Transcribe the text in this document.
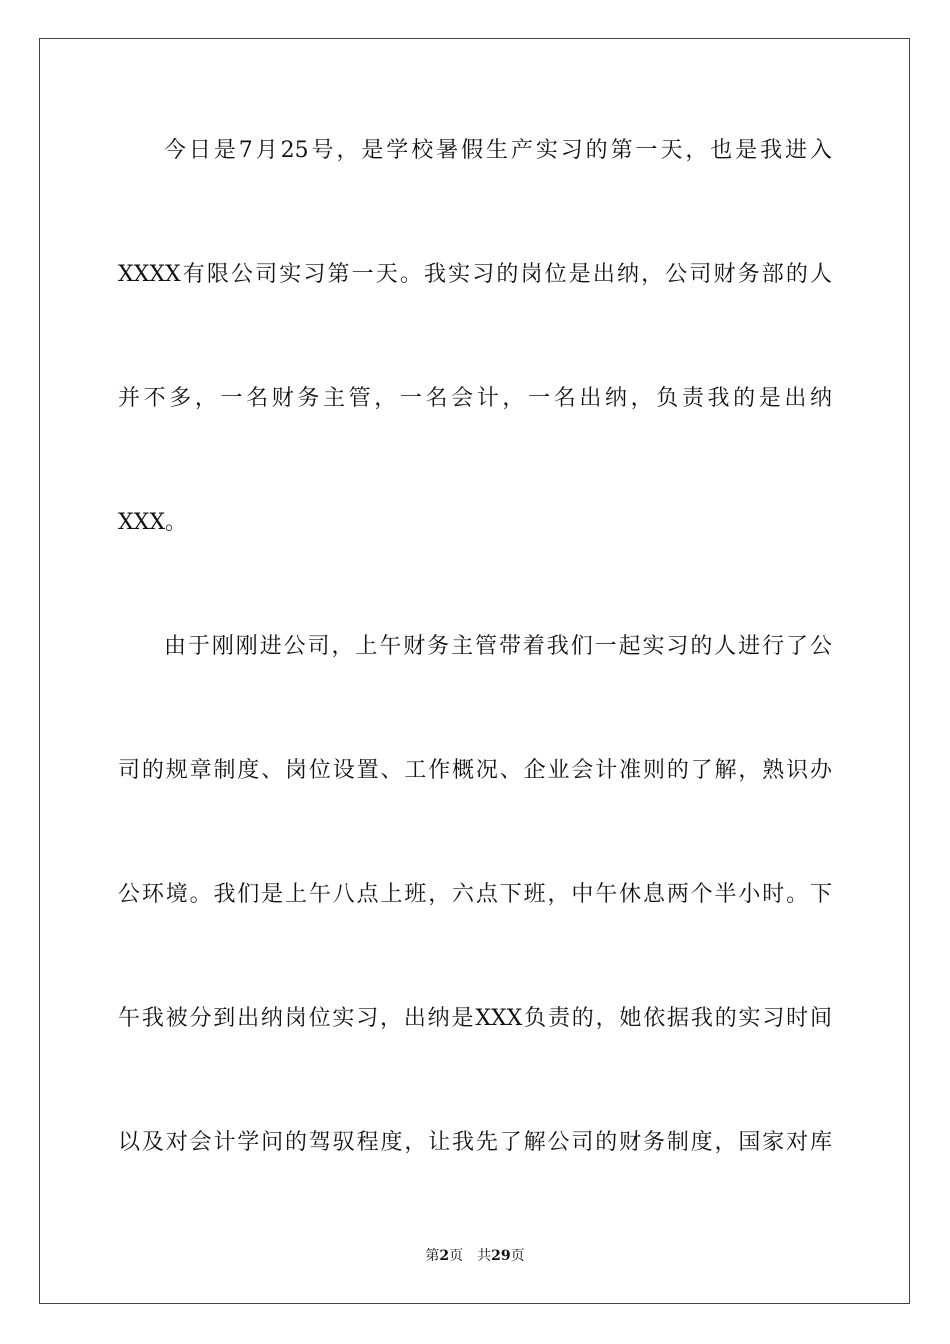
今日是7月25号，是学校暑假生产实习的第一天，也是我进入
XXXX有限公司实习第一天。我实习的岗位是出纳，公司财务部的人
并不多，一名财务主管，一名会计，一名出纳，负责我的是出纳
XXX。
由于刚刚进公司，上午财务主管带着我们一起实习的人进行了公
司的规章制度、岗位设置、工作概况、企业会计准则的了解，熟识办
公环境。我们是上午八点上班，六点下班，中午休息两个半小时。下
午我被分到出纳岗位实习，出纳是XXX负责的，她依据我的实习时间
以及对会计学问的驾驭程度，让我先了解公司的财务制度，国家对库
第2页 共29页
